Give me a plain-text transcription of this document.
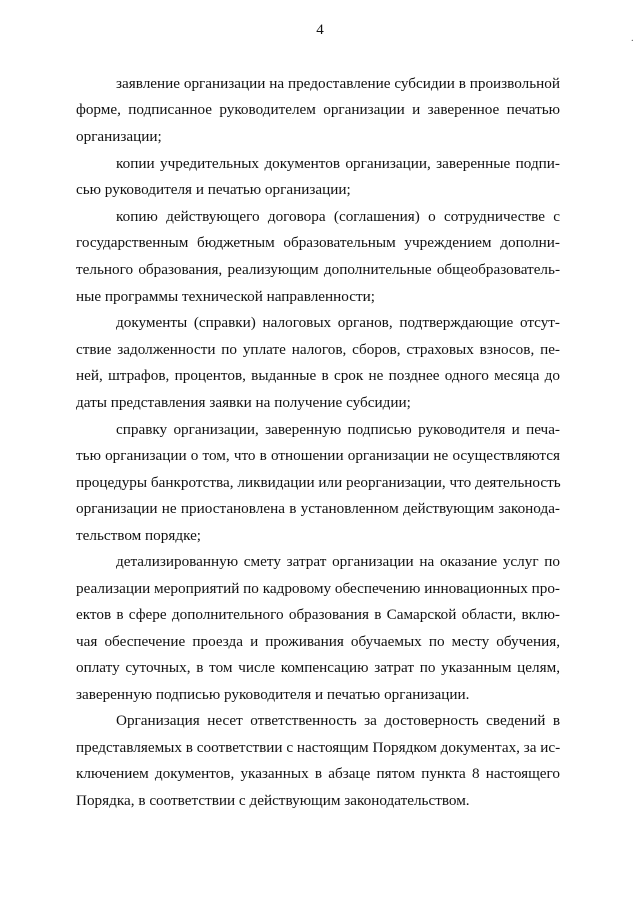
4
·
заявление организации на предоставление субсидии в произвольной
форме, подписанное руководителем организации и заверенное печатью
организации;
копии учредительных документов организации, заверенные подпи-
сью руководителя и печатью организации;
копию действующего договора (соглашения) о сотрудничестве с
государственным бюджетным образовательным учреждением дополни-
тельного образования, реализующим дополнительные общеобразователь-
ные программы технической направленности;
документы (справки) налоговых органов, подтверждающие отсут-
ствие задолженности по уплате налогов, сборов, страховых взносов, пе-
ней, штрафов, процентов, выданные в срок не позднее одного месяца до
даты представления заявки на получение субсидии;
справку организации, заверенную подписью руководителя и печа-
тью организации о том, что в отношении организации не осуществляются
процедуры банкротства, ликвидации или реорганизации, что деятельность
организации не приостановлена в установленном действующим законода-
тельством порядке;
детализированную смету затрат организации на оказание услуг по
реализации мероприятий по кадровому обеспечению инновационных про-
ектов в сфере дополнительного образования в Самарской области, вклю-
чая обеспечение проезда и проживания обучаемых по месту обучения,
оплату суточных, в том числе компенсацию затрат по указанным целям,
заверенную подписью руководителя и печатью организации.
Организация несет ответственность за достоверность сведений в
представляемых в соответствии с настоящим Порядком документах, за ис-
ключением документов, указанных в абзаце пятом пункта 8 настоящего
Порядка, в соответствии с действующим законодательством.
